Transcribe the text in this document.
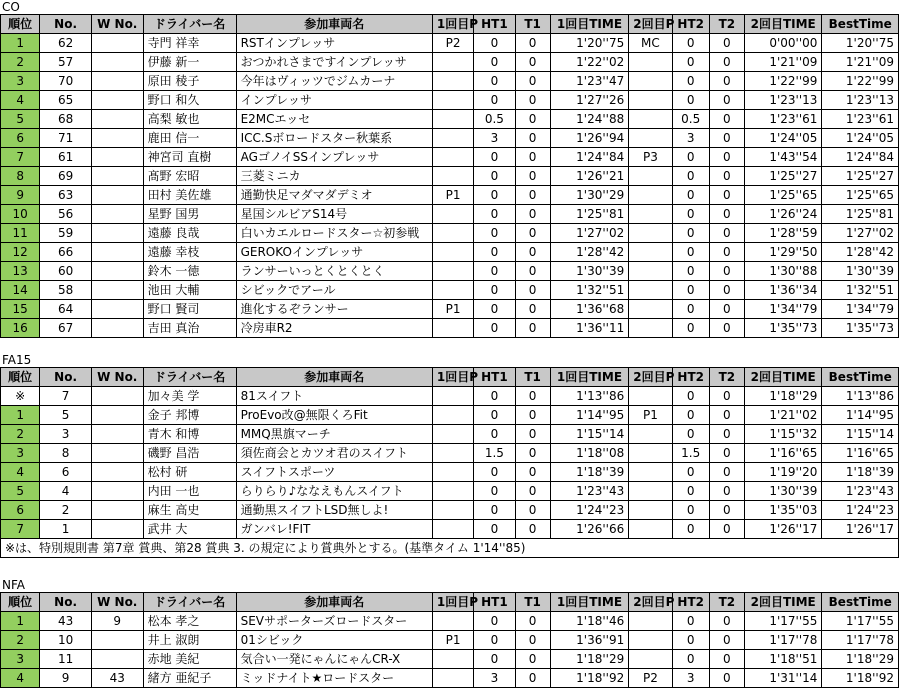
CO
順位	No.	W No.	ドライバー名	参加車両名	1回目P	HT1	T1	1回目TIME	2回目P	HT2	T2	2回目TIME	BestTime
1	62		寺門 祥幸	RSTインプレッサ	P2	0	0	1'20''75	MC	0	0	0'00''00	1'20''75
2	57		伊藤 新一	おつかれさまですインプレッサ		0	0	1'22''02		0	0	1'21''09	1'21''09
3	70		原田 稜子	今年はヴィッツでジムカーナ		0	0	1'23''47		0	0	1'22''99	1'22''99
4	65		野口 和久	インプレッサ		0	0	1'27''26		0	0	1'23''13	1'23''13
5	68		高梨 敏也	E2MCエッセ		0.5	0	1'24''88		0.5	0	1'23''61	1'23''61
6	71		鹿田 信一	ICC.Sボロードスター秋葉系		3	0	1'26''94		3	0	1'24''05	1'24''05
7	61		神宮司 直樹	AGゴノイSSインプレッサ		0	0	1'24''84	P3	0	0	1'43''54	1'24''84
8	69		髙野 宏昭	三菱ミニカ		0	0	1'26''21		0	0	1'25''27	1'25''27
9	63		田村 美佐雄	通勤快足マダマダデミオ	P1	0	0	1'30''29		0	0	1'25''65	1'25''65
10	56		星野 国男	星国シルビアS14号		0	0	1'25''81		0	0	1'26''24	1'25''81
11	59		遠藤 良哉	白いカエルロードスター☆初参戦		0	0	1'27''02		0	0	1'28''59	1'27''02
12	66		遠藤 幸枝	GEROKOインプレッサ		0	0	1'28''42		0	0	1'29''50	1'28''42
13	60		鈴木 一徳	ランサーいっとくとくとく		0	0	1'30''39		0	0	1'30''88	1'30''39
14	58		池田 大輔	シビックでアール		0	0	1'32''51		0	0	1'36''34	1'32''51
15	64		野口 賢司	進化するぞランサー	P1	0	0	1'36''68		0	0	1'34''79	1'34''79
16	67		吉田 真治	冷房車R2		0	0	1'36''11		0	0	1'35''73	1'35''73
FA15
順位	No.	W No.	ドライバー名	参加車両名	1回目P	HT1	T1	1回目TIME	2回目P	HT2	T2	2回目TIME	BestTime
※	7		加々美 学	81スイフト		0	0	1'13''86		0	0	1'18''29	1'13''86
1	5		金子 邦博	ProEvo改@無限くろFit		0	0	1'14''95	P1	0	0	1'21''02	1'14''95
2	3		青木 和博	MMQ黒旗マーチ		0	0	1'15''14		0	0	1'15''32	1'15''14
3	8		磯野 昌浩	須佐商会とカツオ君のスイフト		1.5	0	1'18''08		1.5	0	1'16''65	1'16''65
4	6		松村 研	スイフトスポーツ		0	0	1'18''39		0	0	1'19''20	1'18''39
5	4		内田 一也	らりらり♪ななえもんスイフト		0	0	1'23''43		0	0	1'30''39	1'23''43
6	2		麻生 高史	通勤黒スイフトLSD無しよ!		0	0	1'24''23		0	0	1'35''03	1'24''23
7	1		武井 大	ガンバレ!FIT		0	0	1'26''66		0	0	1'26''17	1'26''17
※は、特別規則書 第7章 賞典、第28 賞典 3. の規定により賞典外とする。(基準タイム 1'14''85)													
NFA
順位	No.	W No.	ドライバー名	参加車両名	1回目P	HT1	T1	1回目TIME	2回目P	HT2	T2	2回目TIME	BestTime
1	43	9	松本 孝之	SEVサポーターズロードスター		0	0	1'18''46		0	0	1'17''55	1'17''55
2	10		井上 淑朗	01シビック	P1	0	0	1'36''91		0	0	1'17''78	1'17''78
3	11		赤地 美紀	気合い一発にゃんにゃんCR-X		0	0	1'18''29		0	0	1'18''51	1'18''29
4	9	43	緒方 亜紀子	ミッドナイト★ロードスター		3	0	1'18''92	P2	3	0	1'31''14	1'18''92
